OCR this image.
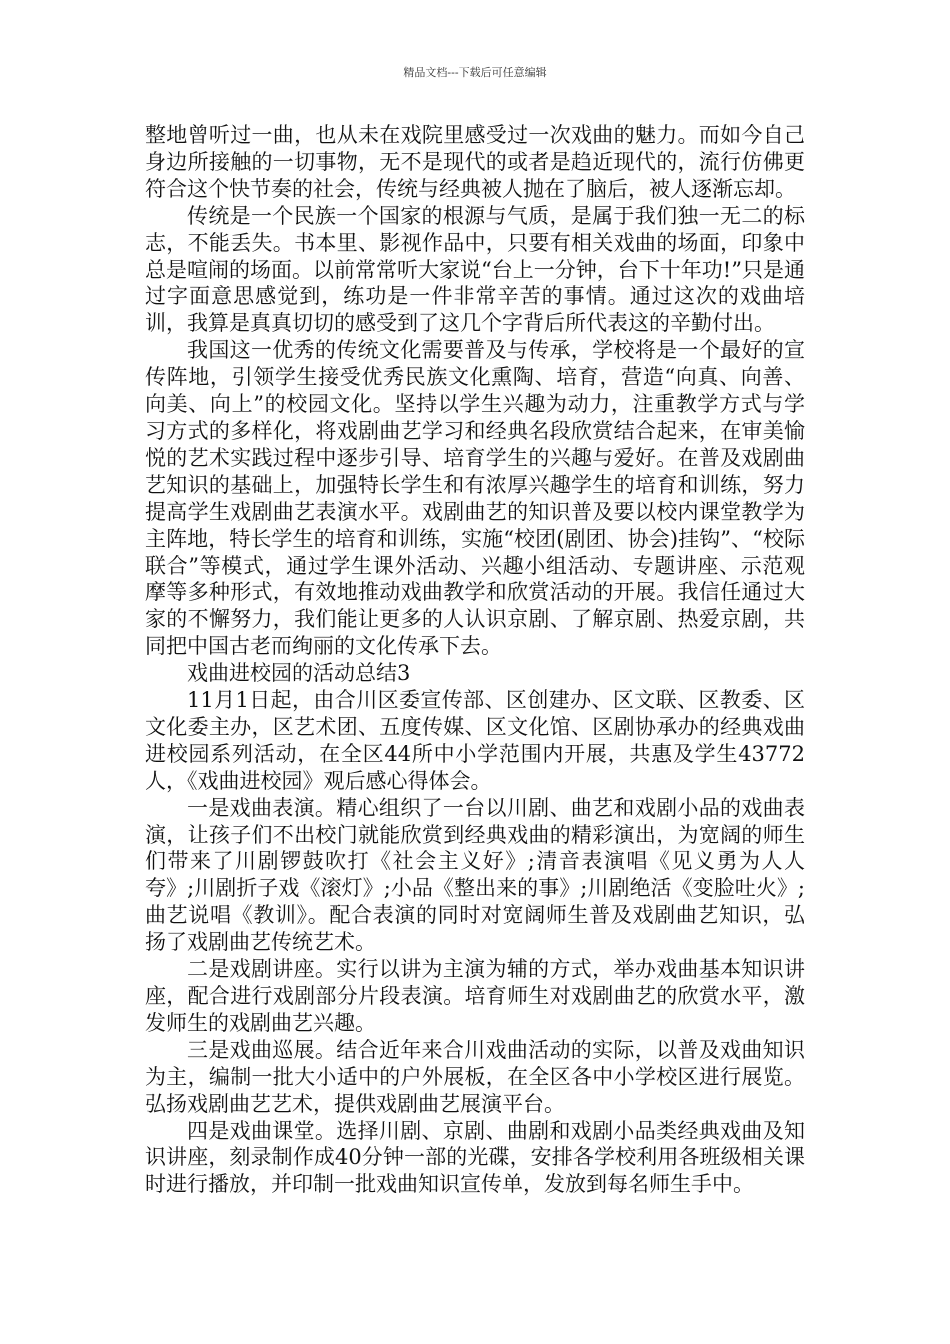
精品文档---下载后可任意编辑

整地曾听过一曲，也从未在戏院里感受过一次戏曲的魅力。而如今自己身边所接触的一切事物，无不是现代的或者是趋近现代的，流行仿佛更符合这个快节奏的社会，传统与经典被人抛在了脑后，被人逐渐忘却。

传统是一个民族一个国家的根源与气质，是属于我们独一无二的标志，不能丢失。书本里、影视作品中，只要有相关戏曲的场面，印象中总是喧闹的场面。以前常常听大家说“台上一分钟，台下十年功!”只是通过字面意思感觉到，练功是一件非常辛苦的事情。通过这次的戏曲培训，我算是真真切切的感受到了这几个字背后所代表这的辛勤付出。

我国这一优秀的传统文化需要普及与传承，学校将是一个最好的宣传阵地，引领学生接受优秀民族文化熏陶、培育，营造“向真、向善、向美、向上”的校园文化。坚持以学生兴趣为动力，注重教学方式与学习方式的多样化，将戏剧曲艺学习和经典名段欣赏结合起来，在审美愉悦的艺术实践过程中逐步引导、培育学生的兴趣与爱好。在普及戏剧曲艺知识的基础上，加强特长学生和有浓厚兴趣学生的培育和训练，努力提高学生戏剧曲艺表演水平。戏剧曲艺的知识普及要以校内课堂教学为主阵地，特长学生的培育和训练，实施“校团(剧团、协会)挂钩”、“校际联合”等模式，通过学生课外活动、兴趣小组活动、专题讲座、示范观摩等多种形式，有效地推动戏曲教学和欣赏活动的开展。我信任通过大家的不懈努力，我们能让更多的人认识京剧、了解京剧、热爱京剧，共同把中国古老而绚丽的文化传承下去。

戏曲进校园的活动总结3

11月1日起，由合川区委宣传部、区创建办、区文联、区教委、区文化委主办，区艺术团、五度传媒、区文化馆、区剧协承办的经典戏曲进校园系列活动，在全区44所中小学范围内开展，共惠及学生43772人，《戏曲进校园》观后感心得体会。

一是戏曲表演。精心组织了一台以川剧、曲艺和戏剧小品的戏曲表演，让孩子们不出校门就能欣赏到经典戏曲的精彩演出，为宽阔的师生们带来了川剧锣鼓吹打《社会主义好》;清音表演唱《见义勇为人人夸》;川剧折子戏《滚灯》;小品《整出来的事》;川剧绝活《变脸吐火》;曲艺说唱《教训》。配合表演的同时对宽阔师生普及戏剧曲艺知识，弘扬了戏剧曲艺传统艺术。

二是戏剧讲座。实行以讲为主演为辅的方式，举办戏曲基本知识讲座，配合进行戏剧部分片段表演。培育师生对戏剧曲艺的欣赏水平，激发师生的戏剧曲艺兴趣。

三是戏曲巡展。结合近年来合川戏曲活动的实际，以普及戏曲知识为主，编制一批大小适中的户外展板，在全区各中小学校区进行展览。弘扬戏剧曲艺艺术，提供戏剧曲艺展演平台。

四是戏曲课堂。选择川剧、京剧、曲剧和戏剧小品类经典戏曲及知识讲座，刻录制作成40分钟一部的光碟，安排各学校利用各班级相关课时进行播放，并印制一批戏曲知识宣传单，发放到每名师生手中。
